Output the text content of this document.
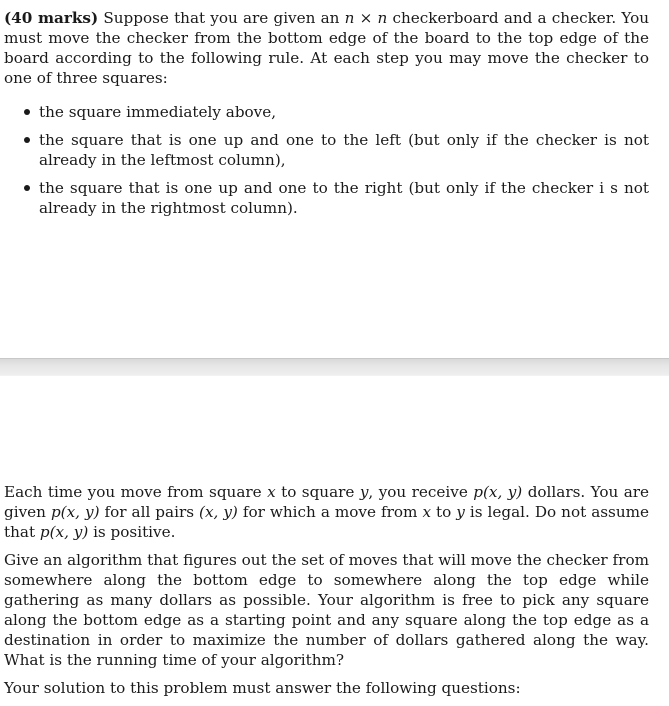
(40 marks) Suppose that you are given an n × n checkerboard and a checker. You must move the checker from the bottom edge of the board to the top edge of the board according to the following rule. At each step you may move the checker to one of three squares:

the square immediately above,
the square that is one up and one to the left (but only if the checker is not already in the leftmost column),
the square that is one up and one to the right (but only if the checker i s not already in the rightmost column).

Each time you move from square x to square y, you receive p(x, y) dollars. You are given p(x, y) for all pairs (x, y) for which a move from x to y is legal. Do not assume that p(x, y) is positive.

Give an algorithm that figures out the set of moves that will move the checker from somewhere along the bottom edge to somewhere along the top edge while gathering as many dollars as possible. Your algorithm is free to pick any square along the bottom edge as a starting point and any square along the top edge as a destination in order to maximize the number of dollars gathered along the way. What is the running time of your algorithm?

Your solution to this problem must answer the following questions:
